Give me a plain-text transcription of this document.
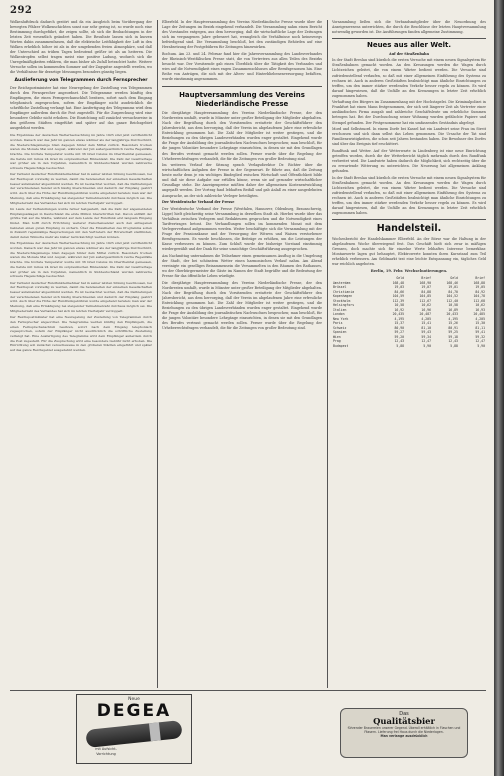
292

Wolkenluftdruck dadurch gestört und da ein Ausgleich beim Vorübergang der bewegten Pfälzer Wolkenschichten sonst nur sehr gering ist, so wurde noch eine Bestimmung durchgeführt, die zeigen sollte, ob sich die Beobachtungen in der letzten Zeit wesentlich geändert haben. Die Resultate lassen sich in kurzen Worten dahin zusammenfassen, daß die elektrische Leitfähigkeit der Luft in den Wolken erheblich höher ist als in der umgebenden freien Atmosphäre, und daß der Unterschied an trüben Tagen bedeutend größer ist als an heiteren. Die Wolkentropfen selbst tragen meist eine positive Ladung, wodurch sich die Unregelmäßigkeiten erklären, die man bisher als Zufall betrachtet hatte. Weitere Versuche sollen im kommenden Sommer auf der Zugspitze angestellt werden, wo die Verhältnisse für derartige Messungen besonders günstig liegen.

Auslieferung von Telegrammen durch Fernsprecher

Der Reichspostminister hat eine Neuregelung der Zustellung von Telegrammen durch den Fernsprecher angeordnet. Die Telegramme werden künftig den Empfängern, die einen Fernsprechanschluß besitzen, sofort nach dem Eingang telephonisch zugesprochen, sofern der Empfänger nicht ausdrücklich die schriftliche Zustellung verlangt hat. Eine Ausfertigung des Telegramms wird dem Empfänger außerdem durch die Post zugestellt. Für die Zusprechung wird eine besondere Gebühr nicht erhoben. Die Einrichtung soll zunächst versuchsweise in den größeren Städten eingeführt und später auf das ganze Reichsgebiet ausgedehnt werden.

Die Ergebnisse der deutschen Wetterbeobachtung im Jahre 1925 sind jetzt veröffentlicht worden. Danach war das Jahr im ganzen etwas wärmer als der langjährige Durchschnitt, die Niederschlagsmenge blieb dagegen hinter dem Mittel zurück. Besonders trocken waren die Monate Mai und August, während der Juli außergewöhnlich reiche Regenfälle brachte. Die höchste Temperatur wurde mit 36 Grad Celsius im Oberrheintal gemessen, die tiefste mit minus 24 Grad im ostpreußischen Binnenland. Die Zahl der Gewittertage war größer als in den Vorjahren, namentlich in Süddeutschland wurden zahlreiche schwere Hagelschläge beobachtet.

Der Verband deutscher Rundfunkteilnehmer hat in seiner letzten Sitzung beschlossen, bei der Reichspost vorstellig zu werden, damit die Sendezeiten der einzelnen Gesellschaften besser aufeinander abgestimmt werden. Es ist beobachtet worden, daß die Darbietungen der verschiedenen Sender sich häufig überschneiden und dadurch der Empfang gestört wird. Auch über die Höhe der Rundfunkgebühren wurde eingehend beraten; man war der Meinung, daß eine Ermäßigung bei steigender Teilnehmerzahl durchaus möglich sei. Die Mitgliederzahl des Verbandes hat sich im letzten Vierteljahr verdoppelt.

Im Laufe der Verhandlungen wurde ferner festgestellt, daß die Zahl der angemeldeten Empfangsanlagen in Deutschland die erste Million überschritten hat. Davon entfällt der größte Teil auf die Städte, während auf dem Lande der Rundfunk erst langsam Eingang findet. Man hofft durch Errichtung weiterer Zwischensender auch den entlegenen Gebieten einen guten Empfang zu sichern. Über die Einzelheiten des Programms sollen in Zukunft regelmäßige Besprechungen mit den Vertretern der Hörerschaft stattfinden, damit deren Wünsche mehr als bisher berücksichtigt werden können.

Die Ergebnisse der deutschen Wetterbeobachtung im Jahre 1925 sind jetzt veröffentlicht worden. Danach war das Jahr im ganzen etwas wärmer als der langjährige Durchschnitt, die Niederschlagsmenge blieb dagegen hinter dem Mittel zurück. Besonders trocken waren die Monate Mai und August, während der Juli außergewöhnlich reiche Regenfälle brachte. Die höchste Temperatur wurde mit 36 Grad Celsius im Oberrheintal gemessen, die tiefste mit minus 24 Grad im ostpreußischen Binnenland. Die Zahl der Gewittertage war größer als in den Vorjahren, namentlich in Süddeutschland wurden zahlreiche schwere Hagelschläge beobachtet.

Der Verband deutscher Rundfunkteilnehmer hat in seiner letzten Sitzung beschlossen, bei der Reichspost vorstellig zu werden, damit die Sendezeiten der einzelnen Gesellschaften besser aufeinander abgestimmt werden. Es ist beobachtet worden, daß die Darbietungen der verschiedenen Sender sich häufig überschneiden und dadurch der Empfang gestört wird. Auch über die Höhe der Rundfunkgebühren wurde eingehend beraten; man war der Meinung, daß eine Ermäßigung bei steigender Teilnehmerzahl durchaus möglich sei. Die Mitgliederzahl des Verbandes hat sich im letzten Vierteljahr verdoppelt.

Der Reichspostminister hat eine Neuregelung der Zustellung von Telegrammen durch den Fernsprecher angeordnet. Die Telegramme werden künftig den Empfängern, die einen Fernsprechanschluß besitzen, sofort nach dem Eingang telephonisch zugesprochen, sofern der Empfänger nicht ausdrücklich die schriftliche Zustellung verlangt hat. Eine Ausfertigung des Telegramms wird dem Empfänger außerdem durch die Post zugestellt. Für die Zusprechung wird eine besondere Gebühr nicht erhoben. Die Einrichtung soll zunächst versuchsweise in den größeren Städten eingeführt und später auf das ganze Reichsgebiet ausgedehnt werden.

Elberfeld. In der Hauptversammlung des Vereins Niederländische Presse wurde über die Lage der Zeitungen im Bezirk eingehend verhandelt. Die Versammlung nahm einen Bericht des Vorstandes entgegen, aus dem hervorging, daß die wirtschaftliche Lage der Zeitungen sich im vergangenen Jahre gebessert hat, wenngleich die Verhältnisse noch keineswegs befriedigend sind. Die Versammlung beschloß, bei den zuständigen Behörden auf eine Herabsetzung der Postgebühren für Zeitungen hinzuwirken.

Bochum. Am 23. und 24. Februar fand hier die Jahresversammlung des Landesverbandes der Rheinisch-Westfälischen Presse statt, die von Vertretern aus allen Teilen des Bezirks besucht war. Der Vorsitzende gab einen Überblick über die Tätigkeit des Verbandes und wies auf die Notwendigkeit eines engen Zusammenschlusses aller Berufsgenossen hin. Eine Reihe von Anträgen, die sich mit der Alters- und Hinterbliebenenversorgung befaßten, wurde einstimmig angenommen.

Hauptversammlung des Vereins Niederländische Presse

Die diesjährige Hauptversammlung des Vereins Niederländische Presse, der den Nordwesten umfaßt, wurde in Münster unter großer Beteiligung der Mitglieder abgehalten. Nach der Begrüßung durch den Vorsitzenden erstattete der Geschäftsführer den Jahresbericht, aus dem hervorging, daß der Verein im abgelaufenen Jahre eine erfreuliche Entwicklung genommen hat. Die Zahl der Mitglieder ist weiter gestiegen, und die Beziehungen zu den übrigen Landesverbänden wurden enger gestaltet. Eingehend wurde die Frage der Ausbildung des journalistischen Nachwuchses besprochen; man beschloß, für die jungen Volontäre besondere Lehrgänge einzurichten, in denen sie mit den Grundlagen des Berufes vertraut gemacht werden sollen. Ferner wurde über die Regelung der Urheberrechtsfragen verhandelt, die für die Zeitungen von großer Bedeutung sind.

Im weiteren Verlauf der Sitzung sprach Verlagsdirektor Dr. Richter über die wirtschaftlichen Aufgaben der Presse in der Gegenwart. Er führte aus, daß die Zeitung heute mehr denn je ein wichtiges Bindeglied zwischen Wirtschaft und Öffentlichkeit bilde und daß sie diese Aufgabe nur erfüllen könne, wenn sie auf gesunder wirtschaftlicher Grundlage stehe. Die Anzeigenpreise müßten daher der allgemeinen Kostenentwicklung angepaßt werden. Der Vortrag fand lebhaften Beifall und gab Anlaß zu einer ausgedehnten Aussprache, an der sich zahlreiche Verleger beteiligten.

Der Westdeutsche Verband der Presse

Der Westdeutsche Verband der Presse (Westfalen, Hannover, Oldenburg, Braunschweig, Lippe) hielt gleichzeitig seine Versammlung in derselben Stadt ab. Hierbei wurde über das Verhältnis zwischen Verlegern und Redakteuren gesprochen und die Notwendigkeit eines Tarifvertrages betont. Die Verhandlungen sollen im kommenden Monat mit dem Verlegerverband aufgenommen werden. Weiter beschäftigte sich die Versammlung mit der Frage der Pensionskasse und der Versorgung der Witwen und Waisen verstorbener Berufsgenossen. Es wurde beschlossen, die Beiträge zu erhöhen, um die Leistungen der Kasse verbessern zu können. Zum Schluß wurde der bisherige Vorstand einstimmig wiedergewählt und der Dank für seine umsichtige Geschäftsführung ausgesprochen.

Am Nachmittag unternahmen die Teilnehmer einen gemeinsamen Ausflug in die Umgebung der Stadt, der bei schönstem Wetter einen harmonischen Verlauf nahm. Am Abend vereinigte ein geselliges Beisammensein die Versammelten in den Räumen des Rathauses, wo der Oberbürgermeister die Gäste im Namen der Stadt begrüßte und die Bedeutung der Presse für das öffentliche Leben würdigte.

Die diesjährige Hauptversammlung des Vereins Niederländische Presse, der den Nordwesten umfaßt, wurde in Münster unter großer Beteiligung der Mitglieder abgehalten. Nach der Begrüßung durch den Vorsitzenden erstattete der Geschäftsführer den Jahresbericht, aus dem hervorging, daß der Verein im abgelaufenen Jahre eine erfreuliche Entwicklung genommen hat. Die Zahl der Mitglieder ist weiter gestiegen, und die Beziehungen zu den übrigen Landesverbänden wurden enger gestaltet. Eingehend wurde die Frage der Ausbildung des journalistischen Nachwuchses besprochen; man beschloß, für die jungen Volontäre besondere Lehrgänge einzurichten, in denen sie mit den Grundlagen des Berufes vertraut gemacht werden sollen. Ferner wurde über die Regelung der Urheberrechtsfragen verhandelt, die für die Zeitungen von großer Bedeutung sind.

Vorsammlung ließen sich die Verbandsmitglieder über die Neuordnung des Anzeigenwesens unterrichten, die durch die Beschlüsse der letzten Hauptversammlung notwendig geworden ist. Die Ausführungen fanden allgemeine Zustimmung.

Neues aus aller Welt.

Auf der Straßenbahn

In der Stadt Breslau sind kürzlich die ersten Versuche mit einem neuen Signalsystem für Straßenbahnen gemacht worden. An den Kreuzungen werden die Wagen durch Lichtzeichen geleitet, die von einem Wärter bedient werden. Die Versuche sind zufriedenstellend verlaufen, so daß mit einer allgemeinen Einführung des Systems zu rechnen ist. Auch in anderen Großstädten beabsichtigt man ähnliche Einrichtungen zu treffen, um den immer stärker werdenden Verkehr besser regeln zu können. Es wird darauf hingewiesen, daß die Unfälle an den Kreuzungen in letzter Zeit erheblich zugenommen haben.

Verhaftung des Bürgers im Zusammenhang mit der Hochstapelei. Die Kriminalpolizei in Frankfurt hat einen Mann festgenommen, der sich seit längerer Zeit als Vertreter einer ausländischen Firma ausgab und zahlreiche Geschäftsleute um erhebliche Summen betrogen hat. Bei der Durchsuchung seiner Wohnung wurden gefälschte Papiere und Stempel gefunden. Der Festgenommene hat ein umfassendes Geständnis abgelegt.

Mord und Selbstmord. In einem Dorfe bei Kassel hat ein Landwirt seine Frau im Streit erschossen und sich dann selbst das Leben genommen. Die Ursache der Tat sind Familienzwistigkeiten, die schon seit Jahren bestanden haben. Die Bewohner des Dorfes sind über das Ereignis tief erschüttert.

Rundfunk und Wetter. Auf der Wetterwarte in Lindenberg ist eine neue Einrichtung getroffen worden, durch die der Wetterbericht täglich mehrmals durch den Rundfunk verbreitet wird. Die Landwirte haben dadurch die Möglichkeit, sich rechtzeitig über die zu erwartende Witterung zu unterrichten. Die Neuerung hat allgemeinen Anklang gefunden.

In der Stadt Breslau sind kürzlich die ersten Versuche mit einem neuen Signalsystem für Straßenbahnen gemacht worden. An den Kreuzungen werden die Wagen durch Lichtzeichen geleitet, die von einem Wärter bedient werden. Die Versuche sind zufriedenstellend verlaufen, so daß mit einer allgemeinen Einführung des Systems zu rechnen ist. Auch in anderen Großstädten beabsichtigt man ähnliche Einrichtungen zu treffen, um den immer stärker werdenden Verkehr besser regeln zu können. Es wird darauf hingewiesen, daß die Unfälle an den Kreuzungen in letzter Zeit erheblich zugenommen haben.

Handelsteil.

Wochenbericht der Handelskammer Elberfeld. An der Börse war die Haltung in der abgelaufenen Woche überwiegend fest. Das Geschäft hielt sich zwar in mäßigen Grenzen, doch machte sich für einzelne Werte lebhaftes Interesse bemerkbar. Montanwerte lagen gut behauptet, Elektrowerte konnten ihren Kursstand zum Teil erheblich verbessern. Am Geldmarkt trat eine leichte Entspannung ein, tägliches Geld war reichlich angeboten.

Berlin, 19. Febr. Wechselnotierungen.

	Geld	Brief	Geld	Brief
Amsterdam	168,48	168,90	168,46	168,88
Brüssel	19,03	19,07	19,01	19,05
Christiania	84,66	84,88	84,70	84,92
Kopenhagen	104,59	104,85	104,52	104,78
Stockholm	112,39	112,67	112,40	112,68
Helsingfors	10,58	10,62	10,58	10,62
Italien	16,92	16,96	16,89	16,93
London	20,435	20,487	20,433	20,485
New York	4,195	4,205	4,195	4,205
Paris	15,37	15,41	15,26	15,30
Schweiz	80,90	81,10	80,91	81,11
Spanien	59,27	59,43	59,25	59,41
Wien	59,20	59,34	59,18	59,32
Prag	12,43	12,47	12,43	12,47
Budapest	5,88	5,90	5,88	5,90
Neue
DEGEA
mit Aufsicht-
Vorrichtung
Das
Qualitätsbier
führender Brauereien unserer Gegend. Überall erhältlich in Flaschen und Fässern. Lieferung frei Haus durch die Niederlagen.
Man verlange ausdrücklich
